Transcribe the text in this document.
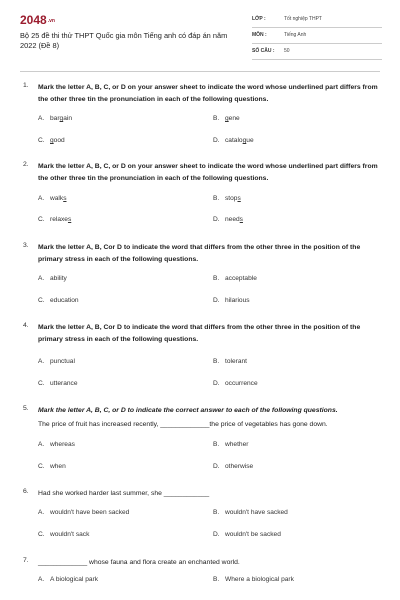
2048.vn
Bộ 25 đề thi thử THPT Quốc gia môn Tiếng anh có đáp án năm 2022 (Đề 8)
LỚP :	Tốt nghiệp THPT
MÔN :	Tiếng Anh
SỐ CÂU : 50
1. Mark the letter A, B, C, or D on your answer sheet to indicate the word whose underlined part differs from the other three tin the pronunciation in each of the following questions.
A. bargain	B. gene
C. good	D. catalogue
2. Mark the letter A, B, C, or D on your answer sheet to indicate the word whose underlined part differs from the other three tin the pronunciation in each of the following questions.
A. walks	B. stops
C. relaxes	D. needs
3. Mark the letter A, B, Cor D to indicate the word that differs from the other three in the position of the primary stress in each of the following questions.
A. ability	B. acceptable
C. education	D. hilarious
4. Mark the letter A, B, Cor D to indicate the word that differs from the other three in the position of the primary stress in each of the following questions.
A. punctual	B. tolerant
C. utterance	D. occurrence
5. Mark the letter A, B, C, or D to indicate the correct answer to each of the following questions.
The price of fruit has increased recently, _____________the price of vegetables has gone down.
A. whereas	B. whether
C. when	D. otherwise
6. Had she worked harder last summer, she ____________
A. wouldn't have been sacked	B. wouldn't have sacked
C. wouldn't sack	D. wouldn't be sacked
7. _____________ whose fauna and flora create an enchanted world.
A. A biological park	B. Where a biological park
